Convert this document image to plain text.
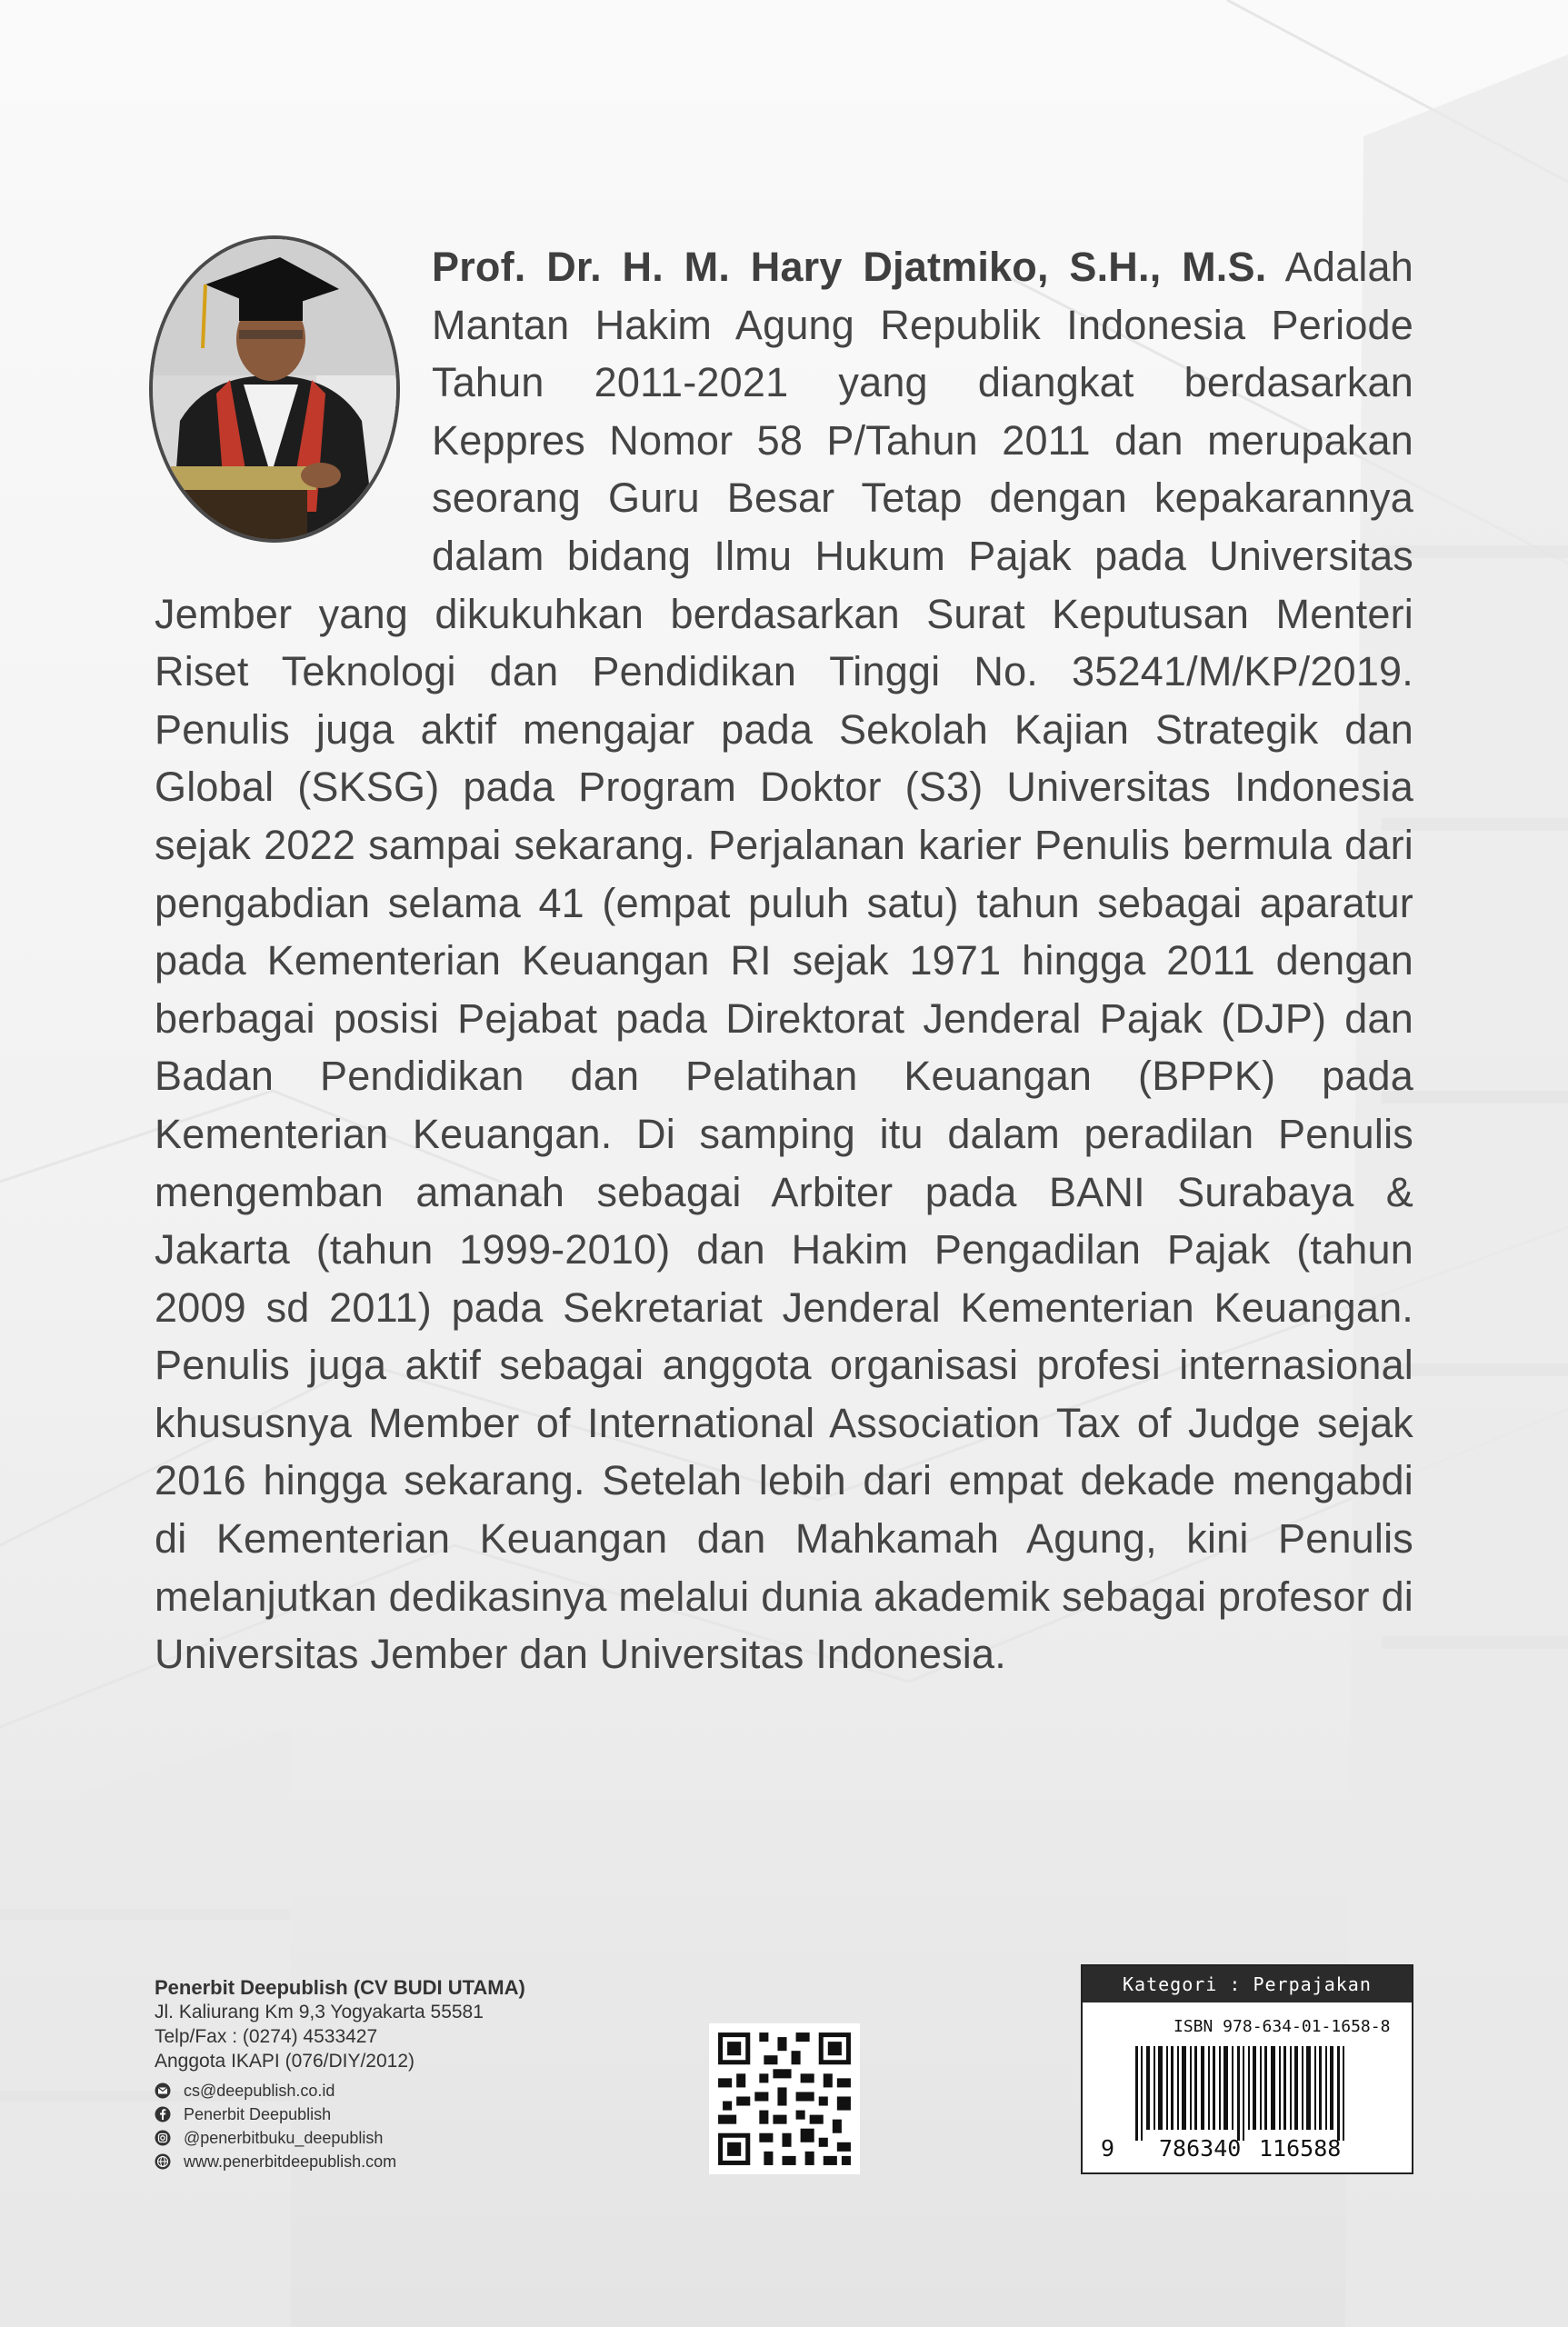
Prof. Dr. H. M. Hary Djatmiko, S.H., M.S. Adalah Mantan Hakim Agung Republik Indonesia Periode Tahun 2011-2021 yang diangkat berdasarkan Keppres Nomor 58 P/Tahun 2011 dan merupakan seorang Guru Besar Tetap dengan kepakarannya dalam bidang Ilmu Hukum Pajak pada Universitas Jember yang dikukuhkan berdasarkan Surat Keputusan Menteri Riset Teknologi dan Pendidikan Tinggi No. 35241/M/KP/2019. Penulis juga aktif mengajar pada Sekolah Kajian Strategik dan Global (SKSG) pada Program Doktor (S3) Universitas Indonesia sejak 2022 sampai sekarang. Perjalanan karier Penulis bermula dari pengabdian selama 41 (empat puluh satu) tahun sebagai aparatur pada Kementerian Keuangan RI sejak 1971 hingga 2011 dengan berbagai posisi Pejabat pada Direktorat Jenderal Pajak (DJP) dan Badan Pendidikan dan Pelatihan Keuangan (BPPK) pada Kementerian Keuangan. Di samping itu dalam peradilan Penulis mengemban amanah sebagai Arbiter pada BANI Surabaya & Jakarta (tahun 1999-2010) dan Hakim Pengadilan Pajak (tahun 2009 sd 2011) pada Sekretariat Jenderal Kementerian Keuangan. Penulis juga aktif sebagai anggota organisasi profesi internasional khususnya Member of International Association Tax of Judge sejak 2016 hingga sekarang. Setelah lebih dari empat dekade mengabdi di Kementerian Keuangan dan Mahkamah Agung, kini Penulis melanjutkan dedikasinya melalui dunia akademik sebagai profesor di Universitas Jember dan Universitas Indonesia.
Penerbit Deepublish (CV BUDI UTAMA)
Jl. Kaliurang Km 9,3 Yogyakarta 55581
Telp/Fax : (0274) 4533427
Anggota IKAPI (076/DIY/2012)
cs@deepublish.co.id
Penerbit Deepublish
@penerbitbuku_deepublish
www.penerbitdeepublish.com
Kategori : Perpajakan
ISBN 978-634-01-1658-8
9 786340 116588
